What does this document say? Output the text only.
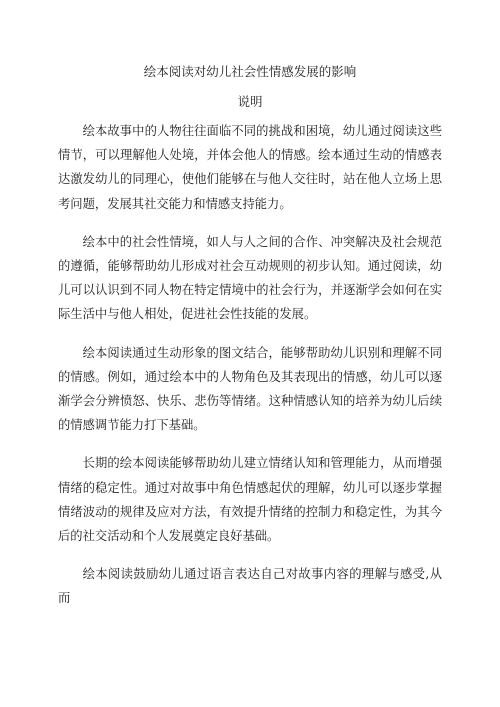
绘本阅读对幼儿社会性情感发展的影响
说明

绘本故事中的人物往往面临不同的挑战和困境，幼儿通过阅读这些情节，可以理解他人处境，并体会他人的情感。绘本通过生动的情感表达激发幼儿的同理心，使他们能够在与他人交往时，站在他人立场上思考问题，发展其社交能力和情感支持能力。

绘本中的社会性情境，如人与人之间的合作、冲突解决及社会规范的遵循，能够帮助幼儿形成对社会互动规则的初步认知。通过阅读，幼儿可以认识到不同人物在特定情境中的社会行为，并逐渐学会如何在实际生活中与他人相处，促进社会性技能的发展。

绘本阅读通过生动形象的图文结合，能够帮助幼儿识别和理解不同的情感。例如，通过绘本中的人物角色及其表现出的情感，幼儿可以逐渐学会分辨愤怒、快乐、悲伤等情绪。这种情感认知的培养为幼儿后续的情感调节能力打下基础。

长期的绘本阅读能够帮助幼儿建立情绪认知和管理能力，从而增强情绪的稳定性。通过对故事中角色情感起伏的理解，幼儿可以逐步掌握情绪波动的规律及应对方法，有效提升情绪的控制力和稳定性，为其今后的社交活动和个人发展奠定良好基础。

绘本阅读鼓励幼儿通过语言表达自己对故事内容的理解与感受,从而
